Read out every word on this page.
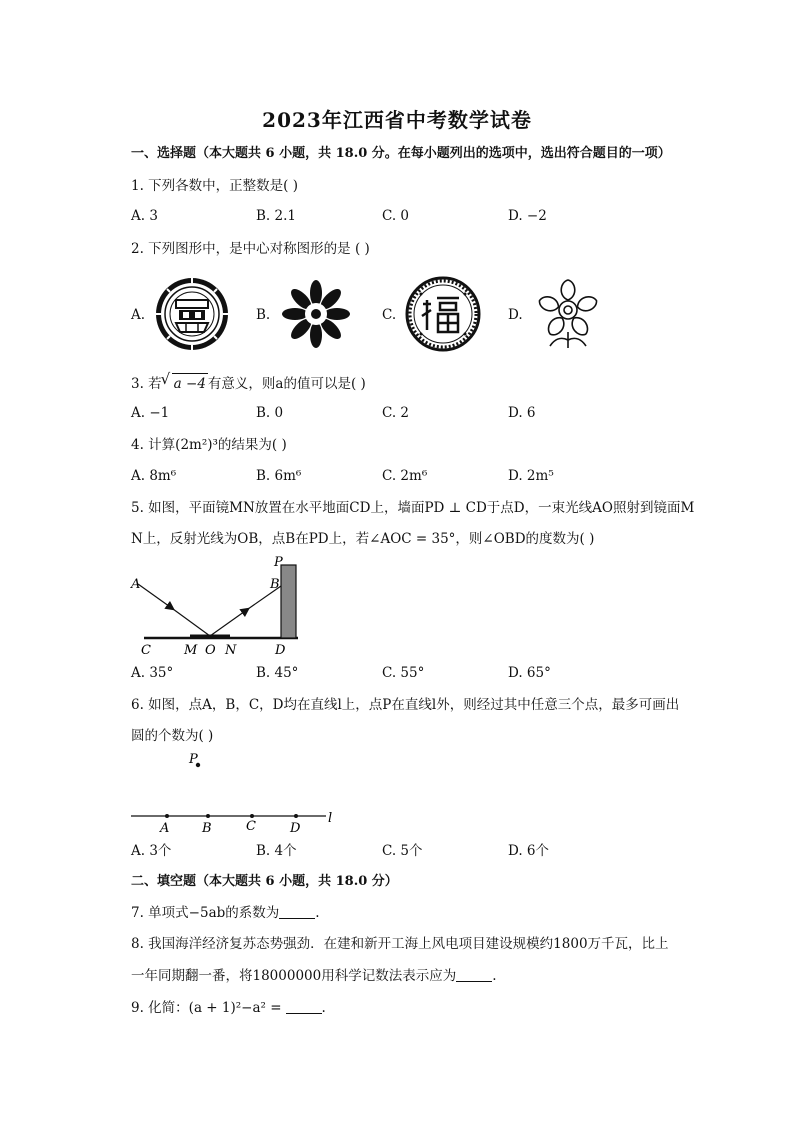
2023年江西省中考数学试卷
一、选择题（本大题共 6 小题，共 18.0 分。在每小题列出的选项中，选出符合题目的一项）
1. 下列各数中，正整数是( )
A. 3	B. 2.1	C. 0	D. −2
2. 下列图形中，是中心对称图形的是 ( )
A.	B.	C.	D.
3. 若√ a −4 有意义，则a的值可以是( )
A. −1	B. 0	C. 2	D. 6
4. 计算(2m²)³的结果为( )
A. 8m⁶	B. 6m⁶	C. 2m⁶	D. 2m⁵
5. 如图，平面镜MN放置在水平地面CD上，墙面PD ⊥ CD于点D，一束光线AO照射到镜面M
N上，反射光线为OB，点B在PD上，若∠AOC = 35°，则∠OBD的度数为( )
A
P
B
C	M O N	D
A. 35°	B. 45°	C. 55°	D. 65°
6. 如图，点A，B，C，D均在直线l上，点P在直线l外，则经过其中任意三个点，最多可画出
圆的个数为( )
P
A	B	C	D
l
A. 3个	B. 4个	C. 5个	D. 6个
二、填空题（本大题共 6 小题，共 18.0 分）
7. 单项式−5ab的系数为	.
8. 我国海洋经济复苏态势强劲．在建和新开工海上风电项目建设规模约1800万千瓦，比上
一年同期翻一番，将18000000用科学记数法表示应为	.
9. 化简：(a + 1)²−a² =	.
